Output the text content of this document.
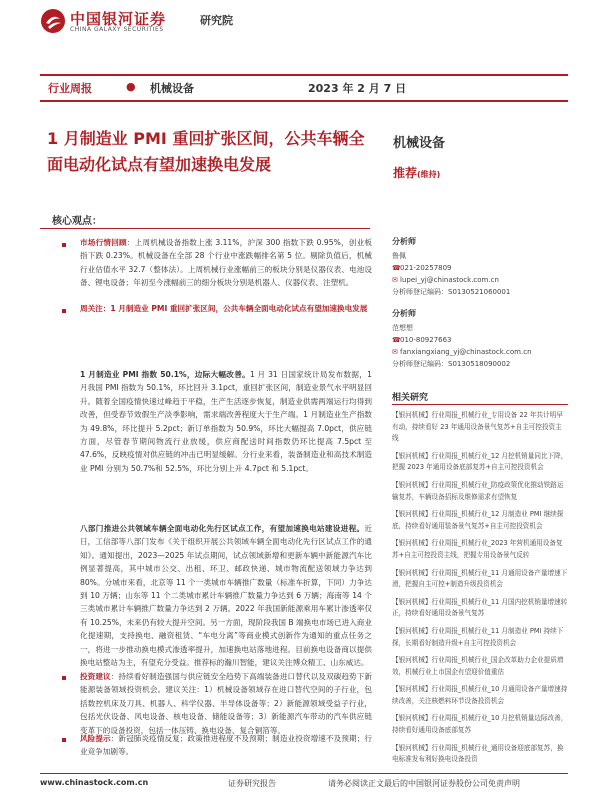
中国银河证券
CHINA GALAXY SECURITIES
研究院
行业周报	● 机械设备	2023 年 2 月 7 日
1 月制造业 PMI 重回扩张区间，公共车辆全面电动化试点有望加速换电发展
机械设备
推荐(维持)
核心观点：
市场行情回顾：上周机械设备指数上涨 3.11%，沪深 300 指数下跌 0.95%，创业板指下跌 0.23%。机械设备在全部 28 个行业中涨跌幅排名第 5 位。剔除负值后，机械行业估值水平 32.7（整体法）。上周机械行业涨幅前三的板块分别是仪器仪表、电池设备、锂电设备；年初至今涨幅前三的细分板块分别是机器人、仪器仪表、注塑机。
周关注：1 月制造业 PMI 重回扩张区间，公共车辆全面电动化试点有望加速换电发展
1 月制造业 PMI 指数 50.1%，边际大幅改善。1 月 31 日国家统计局发布数据，1 月我国 PMI 指数为 50.1%，环比回升 3.1pct，重回扩张区间，制造业景气水平明显回升。随着全国疫情快速过峰趋于平稳，生产生活逐步恢复，制造业供需两端运行均得到改善，但受春节效假生产淡季影响，需求端改善程度大于生产端。1 月制造业生产指数为 49.8%，环比提升 5.2pct；新订单指数为 50.9%，环比大幅提高 7.0pct，供应链方面，尽管春节期间物流行业放缓，供应商配送时间指数仍环比提高 7.5pct 至 47.6%，反映疫情对供应链的冲击已明显缓解。分行业来看，装备制造业和高技术制造业 PMI 分别为 50.7%和 52.5%，环比分别上升 4.7pct 和 5.1pct。
八部门推进公共领域车辆全面电动化先行区试点工作，有望加速换电站建设进程。近日，工信部等八部门发布《关于组织开展公共领域车辆全面电动化先行区试点工作的通知》。通知提出，2023—2025 年试点期间，试点领域新增和更新车辆中新能源汽车比例显著提高，其中城市公交、出租、环卫、邮政快递、城市物流配送领域力争达到 80%。分城市来看，北京等 11 个一类城市车辆推广数量（标准车折算，下同）力争达到 10 万辆；山东等 11 个二类城市累计车辆推广数量力争达到 6 万辆；海南等 14 个三类城市累计车辆推广数量力争达到 2 万辆。2022 年我国新能源乘用车累计渗透率仅有 10.25%，未来仍有较大提升空间。另一方面，现阶段我国 B 端换电市场已进入商业化提速期，支持换电、融资租赁、“车电分离”等商业模式创新作为通知的重点任务之一，将进一步推动换电模式渗透率提升，加速换电站落地进程。目前换电设备商以提供换电站整站为主，有望充分受益。推荐标的瀚川智能，建议关注博众精工、山东威达。
投资建议：持续看好制造强国与供应链安全趋势下高端装备进口替代以及双碳趋势下新能源装备领域投资机会。建议关注：1）机械设备领域存在进口替代空间的子行业，包括数控机床及刀具、机器人、科学仪器、半导体设备等；2）新能源领域受益子行业，包括光伏设备、风电设备、核电设备、储能设备等；3）新能源汽车带动的汽车供应链变革下的设备投资，包括一体压铸、换电设备、复合铜箔等。
风险提示：新冠肺炎疫情反复；政策推进程度不及预期；制造业投资增速不及预期；行业竞争加剧等。
分析师
鲁佩
☎021-20257809
✉ lupei_yj@chinastock.com.cn
分析师登记编码：S0130521060001
分析师
范想想
☎010-80927663
✉ fanxiangxiang_yj@chinastock.com.cn
分析师登记编码：S0130518090002
相关研究
【银河机械】行业周报_机械行业_专用设备 22 年共计明早有动，持续看好 23 年通用设备景气复苏+自主可控投资主线
【银河机械】行业周报_机械行业_12 月挖机销量同比下降，把握 2023 年通用设备底部复苏+自主可控投资机会
【银河机械】行业周报_机械行业_防疫政策优化推动铁路运输复苏，车辆设备招标及维修需求有望恢复
【银河机械】行业周报_机械行业_12 月制造业 PMI 继续探底，持续看好通用装备景气复苏+自主可控投资机会
【银河机械】行业周报_机械行业_2023 年营机通用设备复苏+自主可控投资主线，把握专用设备景气反转
【银河机械】行业周报_机械行业_11 月通用设备产量增速下滑，把握自主可控+制造升级投资机会
【银河机械】行业周报_机械行业_11 月国内挖机销量增速转正，持续看好通用设备景气复苏
【银河机械】行业周报_机械行业_11 月制造业 PMI 持续下探，长期看好制造升级+自主可控投资机会
【银河机械】行业周报_机械行业_国企改革助力企业提质增效，机械行业上市国企有望迎价值重估
【银河机械】行业周报_机械行业_10 月通用设备产量增速持续改善，关注核燃料环节设备投资机会
【银河机械】行业周报_机械行业_10 月挖机销量边际改善，持续看好通用设备底部复苏
【银河机械】行业周报_机械行业_通用设备迎底部复苏，换电标准发布利好换电设备投资
www.chinastock.com.cn	证券研究报告	请务必阅读正文最后的中国银河证券股份公司免责声明
